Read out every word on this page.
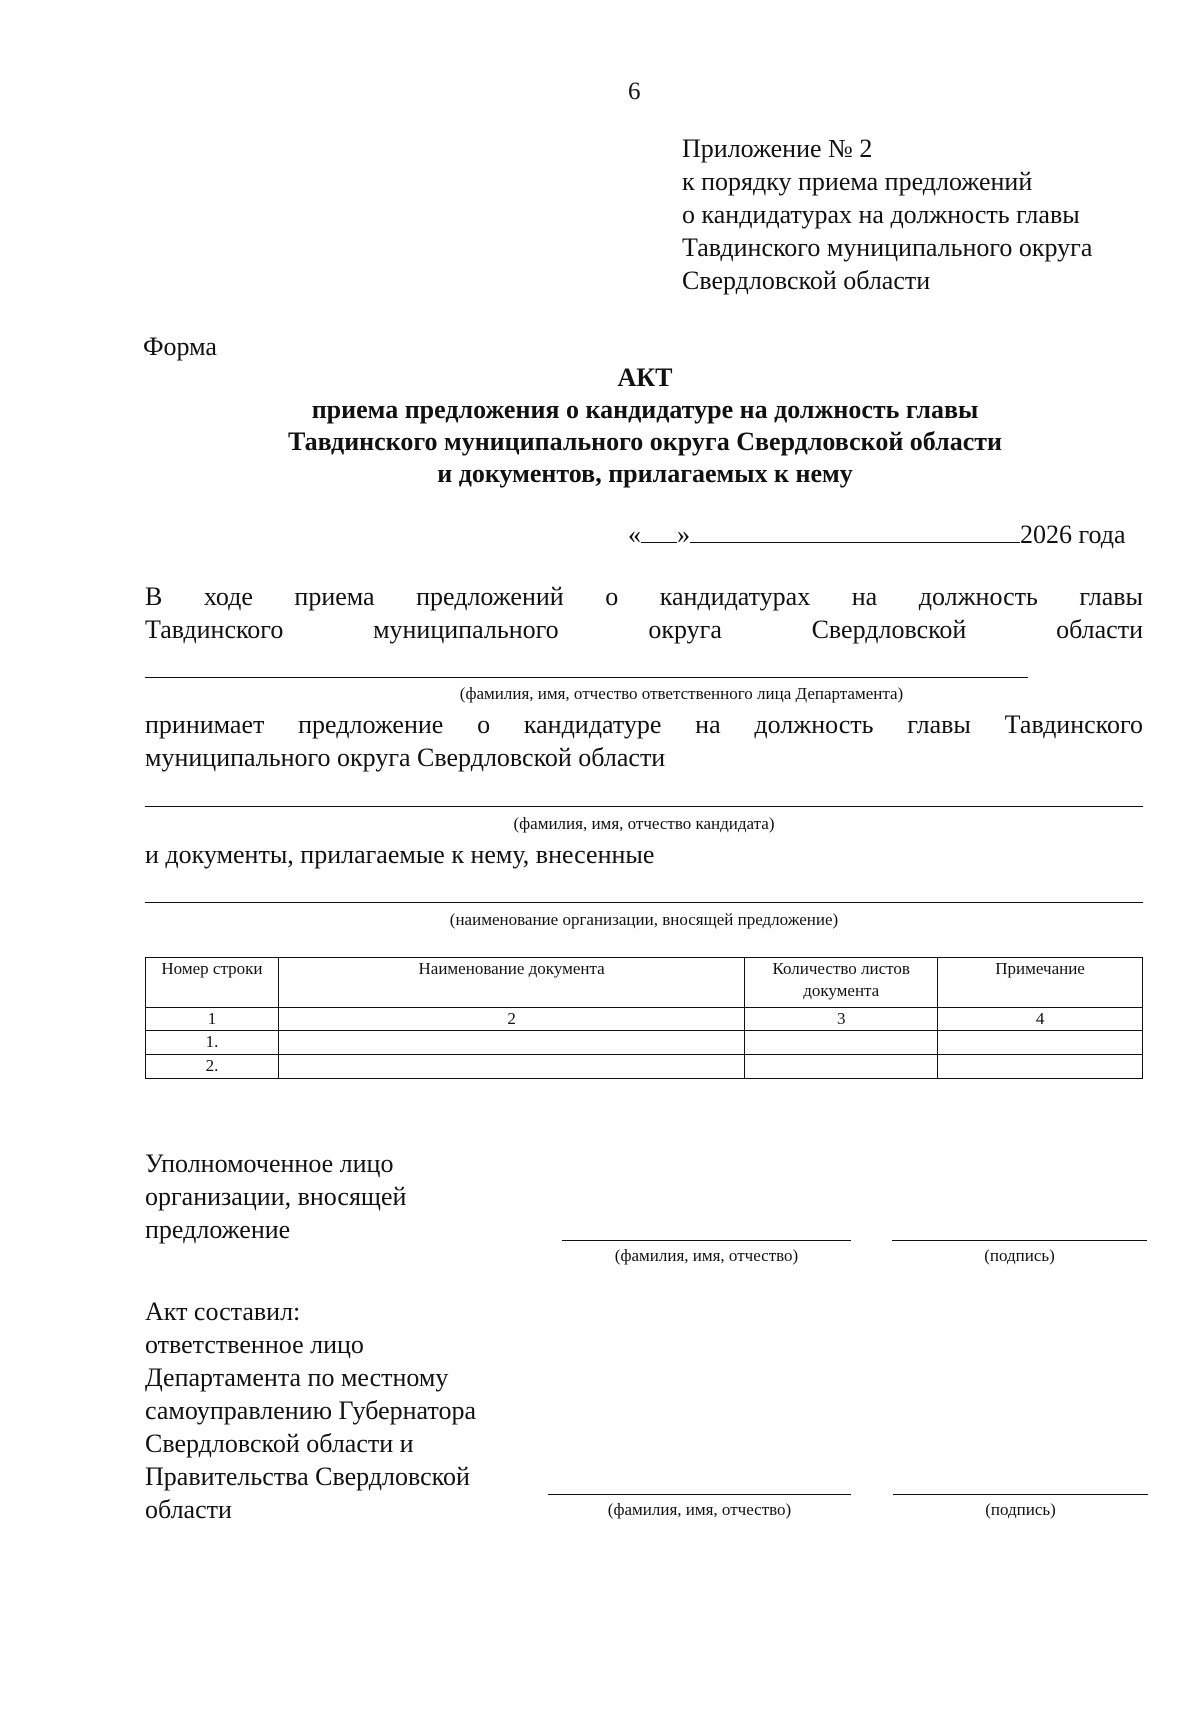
6
Приложение № 2
к порядку приема предложений
о кандидатурах на должность главы
Тавдинского муниципального округа
Свердловской области
Форма
АКТ
приема предложения о кандидатуре на должность главы
Тавдинского муниципального округа Свердловской области
и документов, прилагаемых к нему
« »	2026 года
В ходе приема предложений о кандидатурах на должность главы
Тавдинского муниципального округа Свердловской области
(фамилия, имя, отчество ответственного лица Департамента)
принимает предложение о кандидатуре на должность главы Тавдинского
муниципального округа Свердловской области
(фамилия, имя, отчество кандидата)
и документы, прилагаемые к нему, внесенные
(наименование организации, вносящей предложение)
Номер строки	Наименование документа	Количество листов документа	Примечание
1	2	3	4
1.			
2.			
Уполномоченное лицо
организации, вносящей
предложение
(фамилия, имя, отчество)	(подпись)
Акт составил:
ответственное лицо
Департамента по местному
самоуправлению Губернатора
Свердловской области и
Правительства Свердловской
области	(фамилия, имя, отчество)	(подпись)
